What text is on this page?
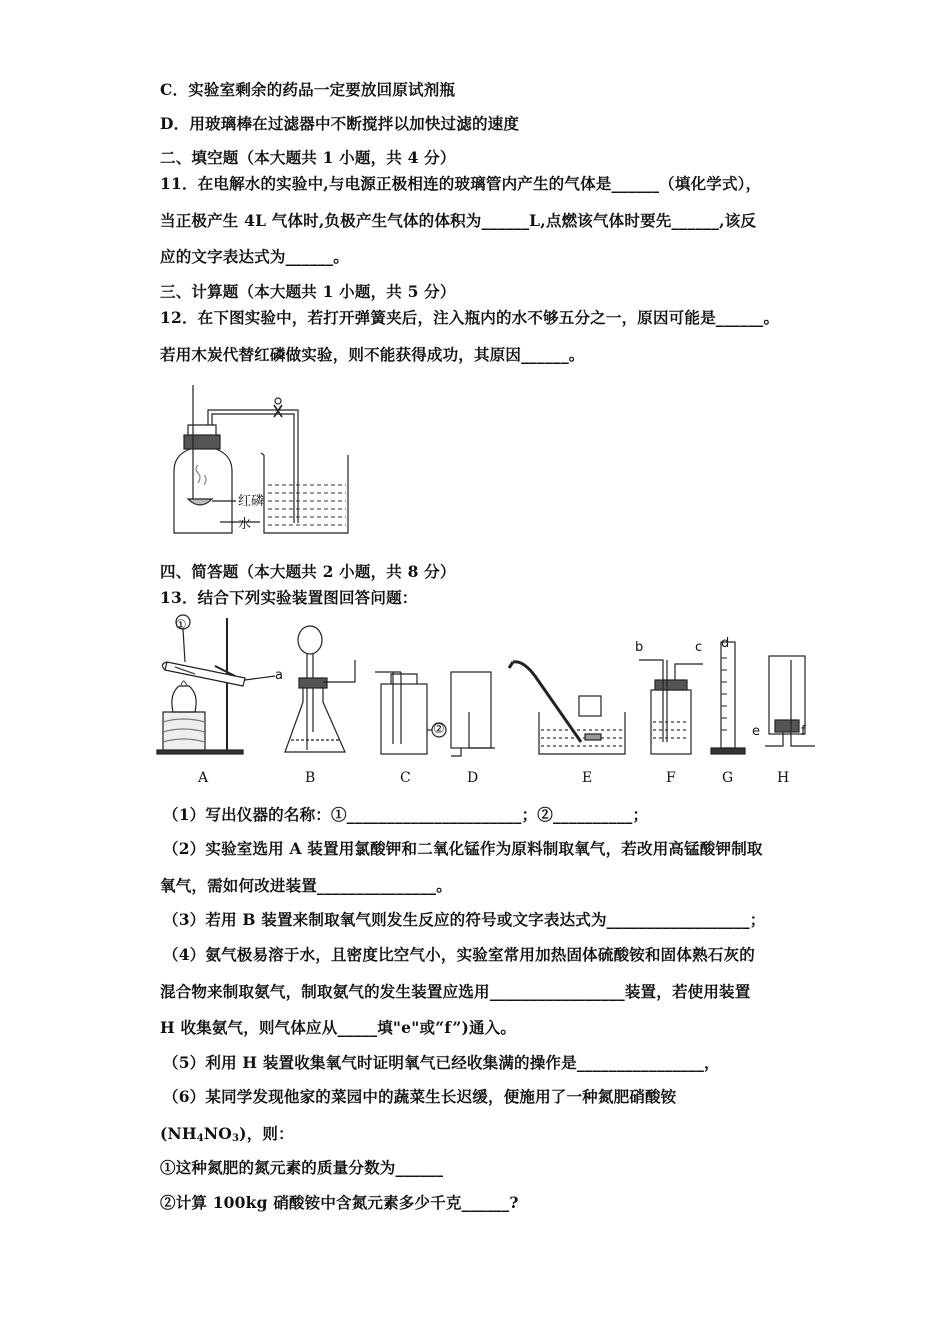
C．实验室剩余的药品一定要放回原试剂瓶
D．用玻璃棒在过滤器中不断搅拌以加快过滤的速度
二、填空题（本大题共 1 小题，共 4 分）
11．在电解水的实验中,与电源正极相连的玻璃管内产生的气体是______（填化学式），
当正极产生 4L 气体时,负极产生气体的体积为______L,点燃该气体时要先______,该反
应的文字表达式为______。
三、计算题（本大题共 1 小题，共 5 分）
12．在下图实验中，若打开弹簧夹后，注入瓶内的水不够五分之一，原因可能是______。
若用木炭代替红磷做实验，则不能获得成功，其原因______。
红磷
水
四、简答题（本大题共 2 小题，共 8 分）
13．结合下列实验装置图回答问题：
①
②
a
b	c d
e	f
A	B	C	D	E	F	G	H
（1）写出仪器的名称：①______________________；②__________；
（2）实验室选用 A 装置用氯酸钾和二氧化锰作为原料制取氧气，若改用高锰酸钾制取
氧气，需如何改进装置_______________。
（3）若用 B 装置来制取氧气则发生反应的符号或文字表达式为__________________；
（4）氨气极易溶于水，且密度比空气小，实验室常用加热固体硫酸铵和固体熟石灰的
混合物来制取氨气，制取氨气的发生装置应选用_________________装置，若使用装置
H 收集氨气，则气体应从_____填"e"或“f”)通入。
（5）利用 H 装置收集氧气时证明氧气已经收集满的操作是________________，
（6）某同学发现他家的菜园中的蔬菜生长迟缓，便施用了一种氮肥硝酸铵
$(NH_4NO_3)$，则：
①这种氮肥的氮元素的质量分数为______
②计算 100kg 硝酸铵中含氮元素多少千克______?
